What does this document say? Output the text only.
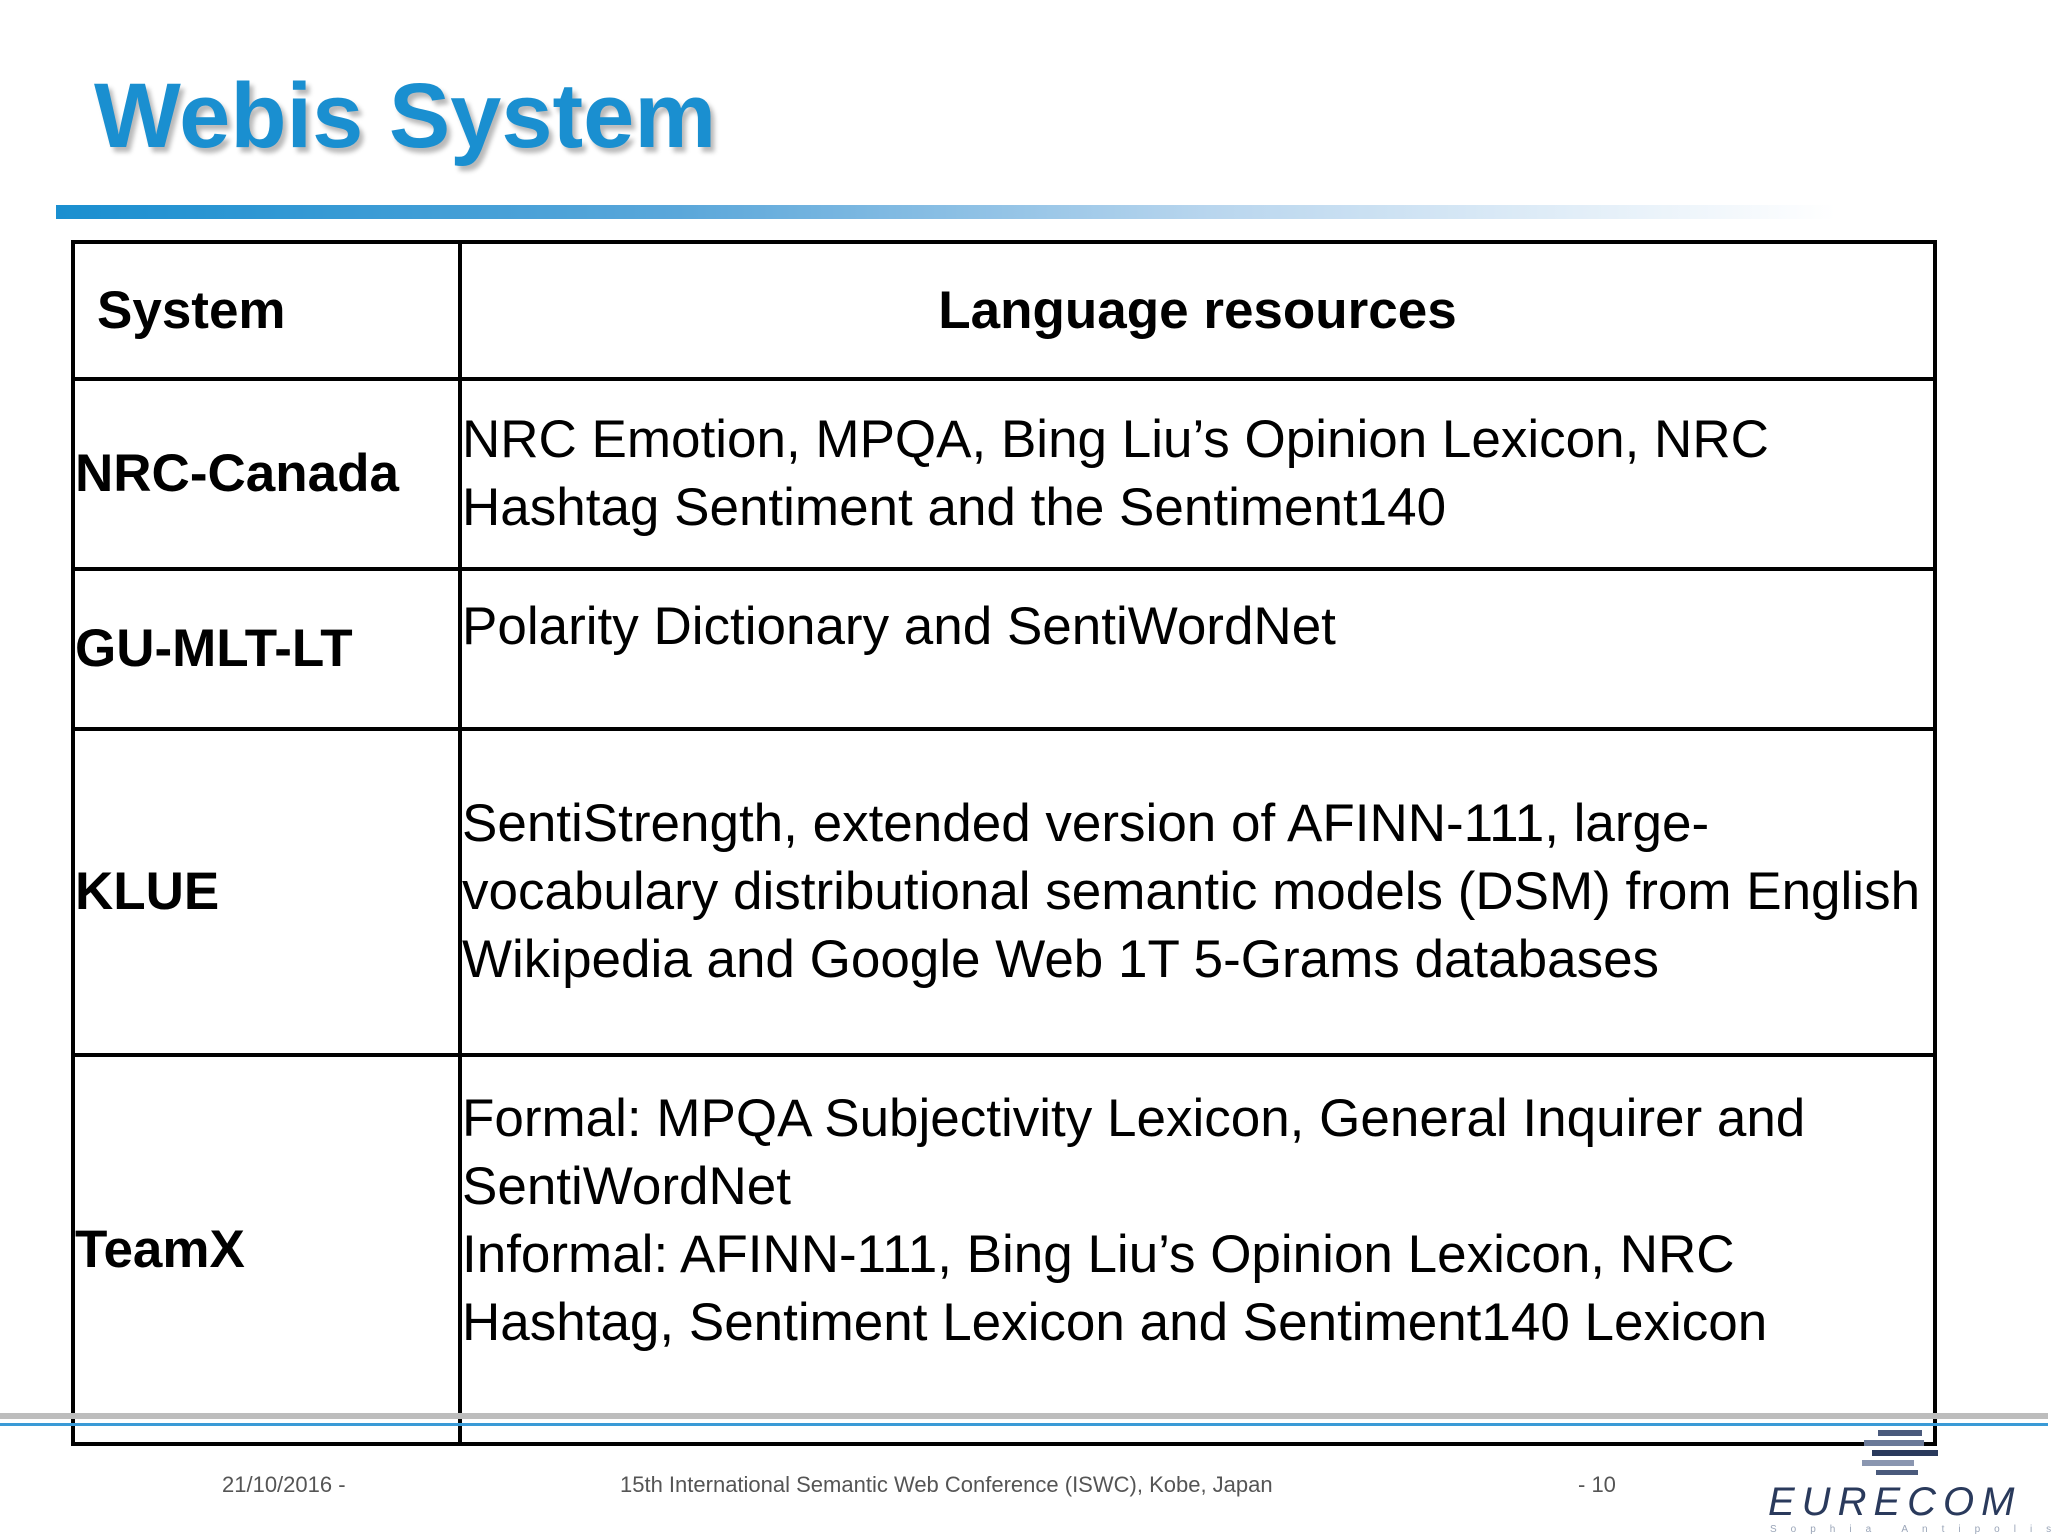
Webis System
System	Language resources
NRC-Canada	NRC Emotion, MPQA, Bing Liu’s Opinion Lexicon, NRC Hashtag Sentiment and the Sentiment140
GU-MLT-LT	Polarity Dictionary and SentiWordNet
KLUE	SentiStrength, extended version of AFINN-111, large-vocabulary distributional semantic models (DSM) from English Wikipedia and Google Web 1T 5-Grams databases
TeamX	Formal: MPQA Subjectivity Lexicon, General Inquirer and SentiWordNet
Informal: AFINN-111, Bing Liu’s Opinion Lexicon, NRC Hashtag, Sentiment Lexicon and Sentiment140 Lexicon
21/10/2016 -	15th International Semantic Web Conference (ISWC), Kobe, Japan	- 10	EURECOM
Sophia Antipolis
